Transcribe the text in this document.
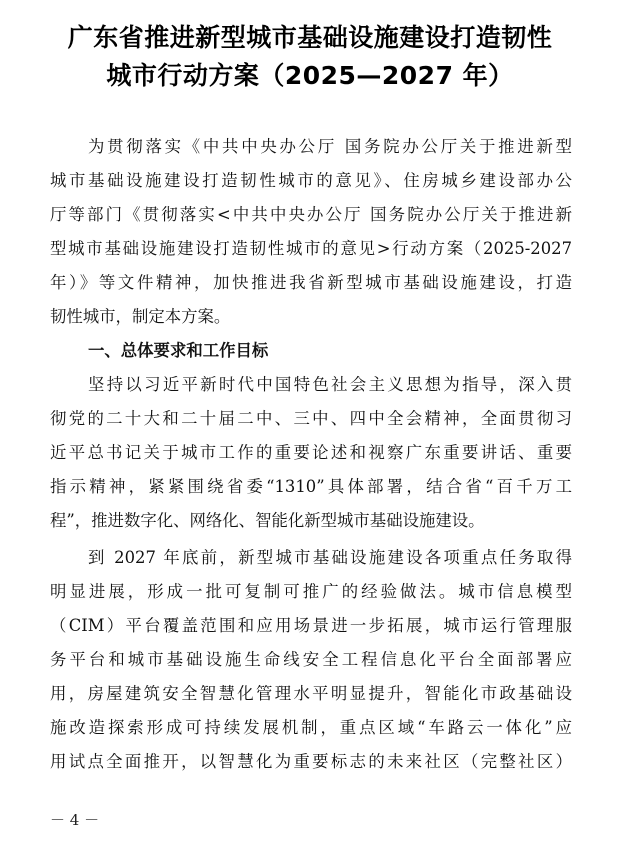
广东省推进新型城市基础设施建设打造韧性
城市行动方案（2025—2027 年）

为贯彻落实《中共中央办公厅 国务院办公厅关于推进新型

城市基础设施建设打造韧性城市的意见》、住房城乡建设部办公

厅等部门《贯彻落实<中共中央办公厅 国务院办公厅关于推进新

型城市基础设施建设打造韧性城市的意见>行动方案（2025-2027

年）》等文件精神，加快推进我省新型城市基础设施建设，打造

韧性城市，制定本方案。

一、总体要求和工作目标

坚持以习近平新时代中国特色社会主义思想为指导，深入贯

彻党的二十大和二十届二中、三中、四中全会精神，全面贯彻习

近平总书记关于城市工作的重要论述和视察广东重要讲话、重要

指示精神，紧紧围绕省委“1310”具体部署，结合省“百千万工

程”，推进数字化、网络化、智能化新型城市基础设施建设。

到 2027 年底前，新型城市基础设施建设各项重点任务取得

明显进展，形成一批可复制可推广的经验做法。城市信息模型

（CIM）平台覆盖范围和应用场景进一步拓展，城市运行管理服

务平台和城市基础设施生命线安全工程信息化平台全面部署应

用，房屋建筑安全智慧化管理水平明显提升，智能化市政基础设

施改造探索形成可持续发展机制，重点区域“车路云一体化”应

用试点全面推开，以智慧化为重要标志的未来社区（完整社区）

－ 4 －
